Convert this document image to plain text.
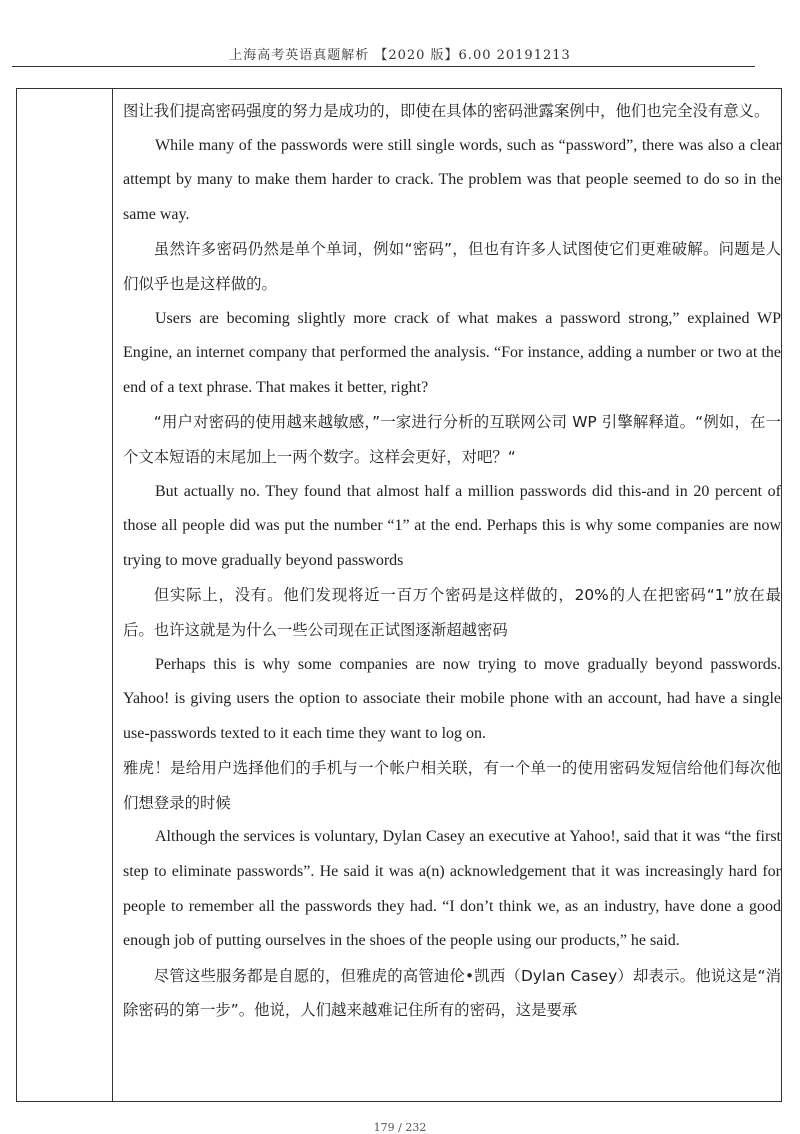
上海高考英语真题解析 【2020 版】6.00 20191213

图让我们提高密码强度的努力是成功的，即使在具体的密码泄露案例中，他们也完全没有意义。

While many of the passwords were still single words, such as “password”, there was also a clear attempt by many to make them harder to crack. The problem was that people seemed to do so in the same way.

虽然许多密码仍然是单个单词，例如“密码”，但也有许多人试图使它们更难破解。问题是人们似乎也是这样做的。

Users are becoming slightly more crack of what makes a password strong,” explained WP Engine, an internet company that performed the analysis. “For instance, adding a number or two at the end of a text phrase. That makes it better, right?

“用户对密码的使用越来越敏感，”一家进行分析的互联网公司 WP 引擎解释道。“例如，在一个文本短语的末尾加上一两个数字。这样会更好，对吧？“

But actually no. They found that almost half a million passwords did this-and in 20 percent of those all people did was put the number “1” at the end. Perhaps this is why some companies are now trying to move gradually beyond passwords

但实际上，没有。他们发现将近一百万个密码是这样做的，20%的人在把密码“1”放在最后。也许这就是为什么一些公司现在正试图逐渐超越密码

Perhaps this is why some companies are now trying to move gradually beyond passwords. Yahoo! is giving users the option to associate their mobile phone with an account, had have a single use-passwords texted to it each time they want to log on.

雅虎！是给用户选择他们的手机与一个帐户相关联，有一个单一的使用密码发短信给他们每次他们想登录的时候

Although the services is voluntary, Dylan Casey an executive at Yahoo!, said that it was “the first step to eliminate passwords”. He said it was a(n) acknowledgement that it was increasingly hard for people to remember all the passwords they had. “I don’t think we, as an industry, have done a good enough job of putting ourselves in the shoes of the people using our products,” he said.

尽管这些服务都是自愿的，但雅虎的高管迪伦•凯西（Dylan Casey）却表示。他说这是“消除密码的第一步”。他说，人们越来越难记住所有的密码，这是要承

179 / 232
